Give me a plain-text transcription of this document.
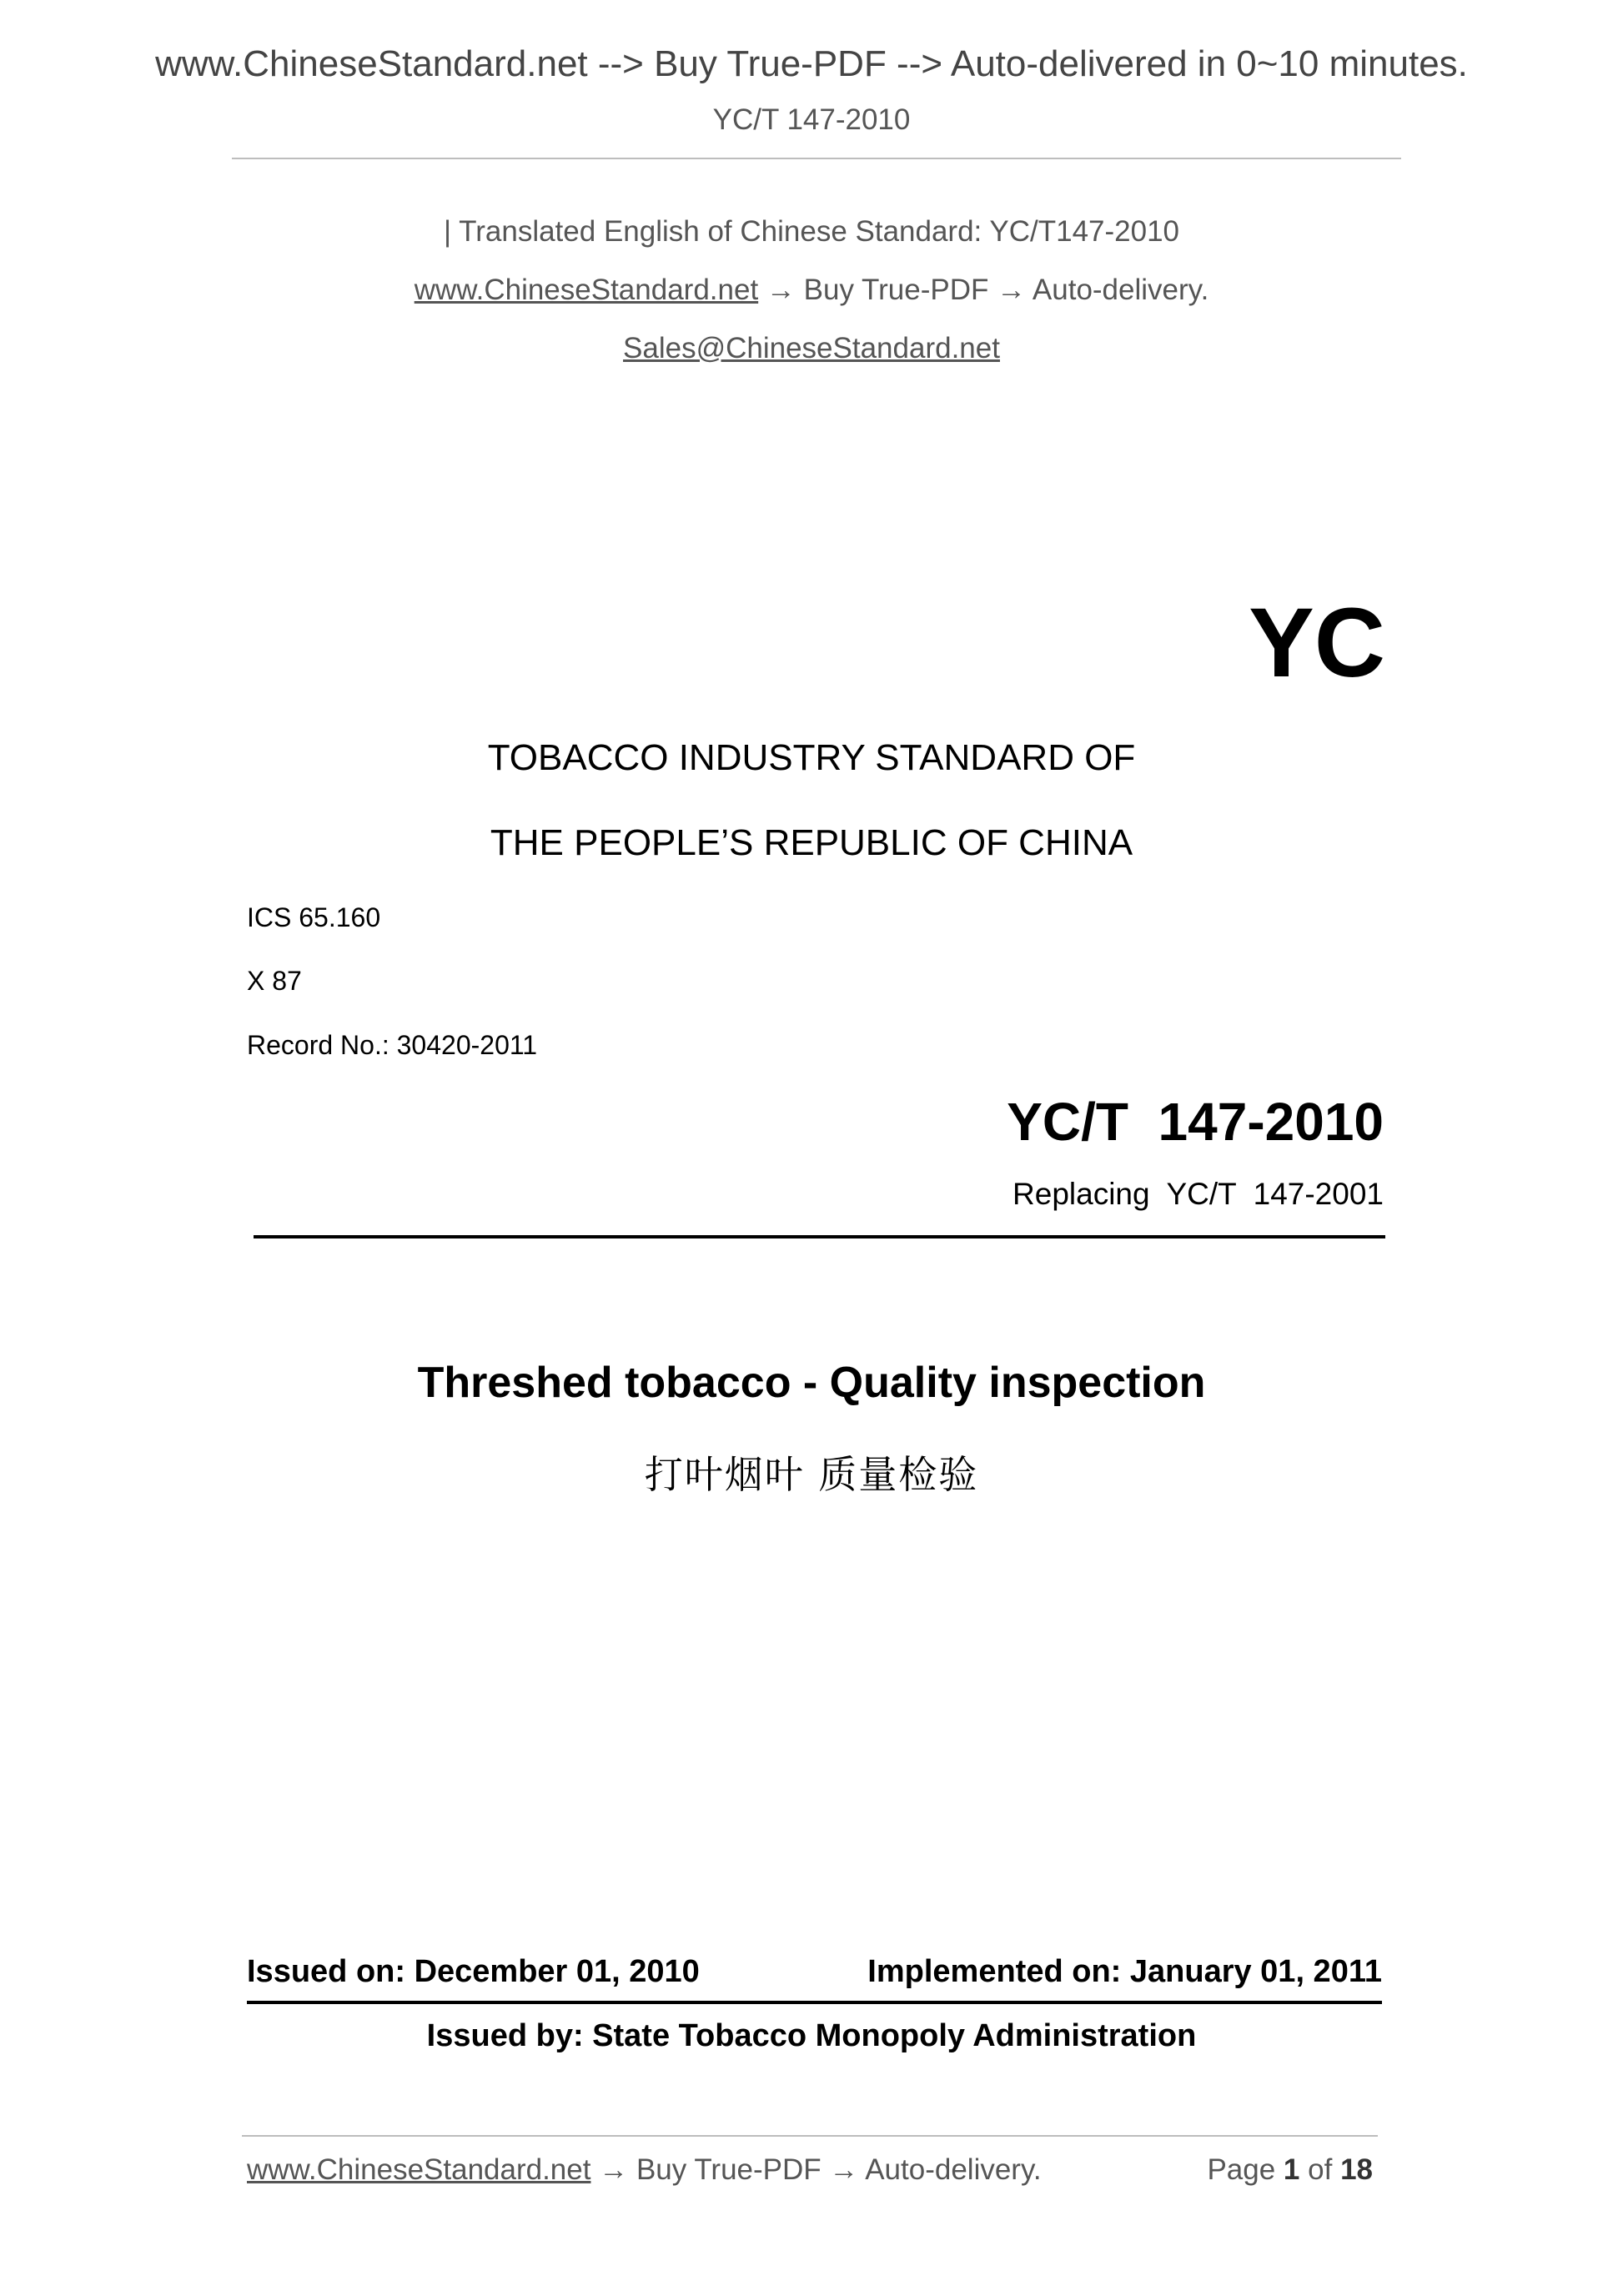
www.ChineseStandard.net --> Buy True-PDF --> Auto-delivered in 0~10 minutes.
YC/T 147-2010
| Translated English of Chinese Standard: YC/T147-2010
www.ChineseStandard.net → Buy True-PDF → Auto-delivery.
Sales@ChineseStandard.net
YC
TOBACCO INDUSTRY STANDARD OF
THE PEOPLE’S REPUBLIC OF CHINA
ICS 65.160
X 87
Record No.: 30420-2011
YC/T  147-2010
Replacing  YC/T  147-2001
Threshed tobacco - Quality inspection
打叶烟叶 质量检验
Issued on: December 01, 2010	Implemented on: January 01, 2011
Issued by: State Tobacco Monopoly Administration
www.ChineseStandard.net → Buy True-PDF → Auto-delivery.	Page 1 of 18
